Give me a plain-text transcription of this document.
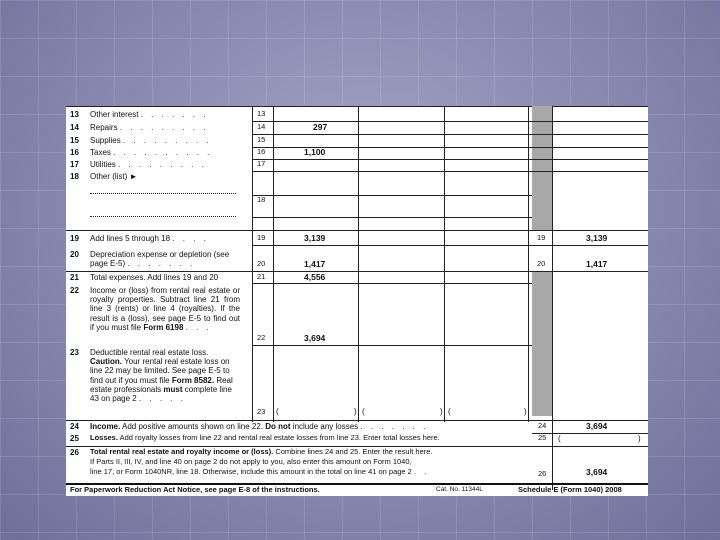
13 Other interest . . . . . . .	13
14 Repairs . . . . . . . . .	14	297
15 Supplies . . . . . . . . .	15
16 Taxes . . . . . . . . . .	16	1,100
17 Utilities . . . . . . . . .	17
18 Other (list) ►
18
19 Add lines 5 through 18 . . . .	19	3,139	19	3,139
20 Depreciation expense or depletion (see page E-5) . . . . . . .	20	1,417	20	1,417
21 Total expenses. Add lines 19 and 20	21	4,556
22 Income or (loss) from rental real estate or royalty properties. Subtract line 21 from line 3 (rents) or line 4 (royalties). If the result is a (loss), see page E-5 to find out if you must file Form 6198 . . .
22	3,694
23 Deductible rental real estate loss. Caution. Your rental real estate loss on line 22 may be limited. See page E-5 to find out if you must file Form 8582. Real estate professionals must complete line 43 on page 2 . . . . .
23 (	) (	) (	)
24 Income. Add positive amounts shown on line 22. Do not include any losses . . . . . . .	24	3,694
25 Losses. Add royalty losses from line 22 and rental real estate losses from line 23. Enter total losses here.	25 (	)
26 Total rental real estate and royalty income or (loss). Combine lines 24 and 25. Enter the result here.
If Parts II, III, IV, and line 40 on page 2 do not apply to you, also enter this amount on Form 1040,
line 17, or Form 1040NR, line 18. Otherwise, include this amount in the total on line 41 on page 2 . .	26	3,694
For Paperwork Reduction Act Notice, see page E-8 of the instructions.	Cat. No. 11344L	Schedule E (Form 1040) 2008
